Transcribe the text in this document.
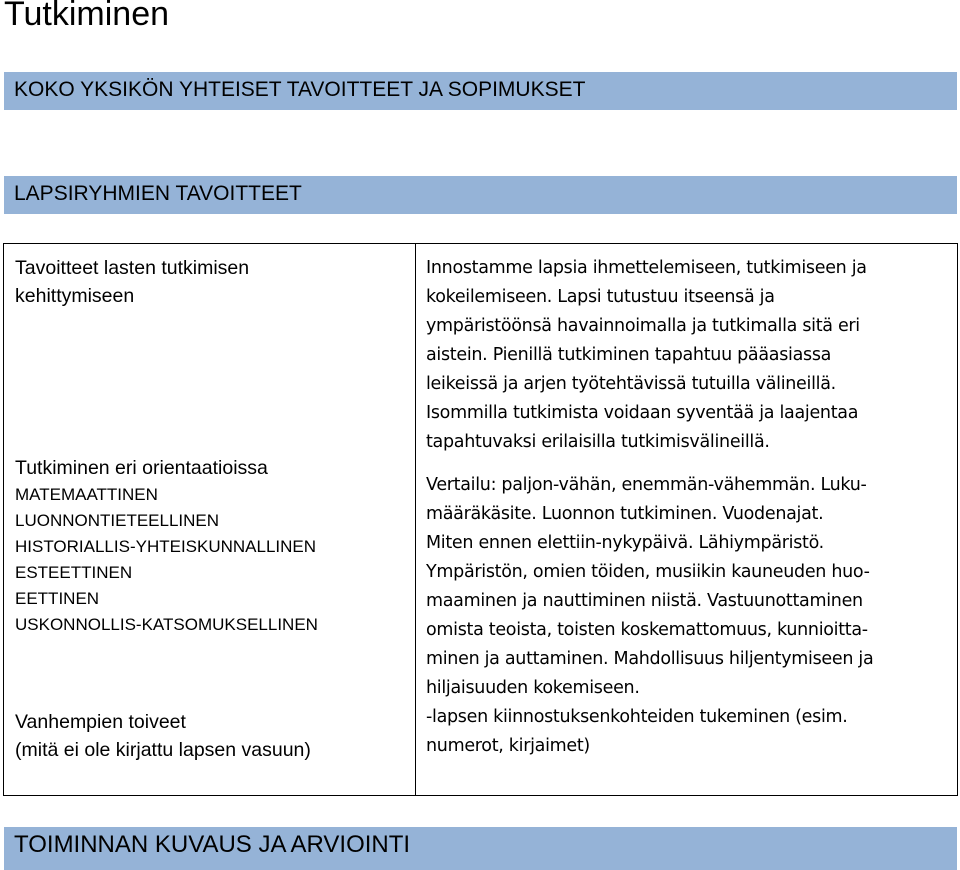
Tutkiminen
KOKO YKSIKÖN YHTEISET TAVOITTEET JA SOPIMUKSET
LAPSIRYHMIEN TAVOITTEET
Tavoitteet lasten tutkimisen
kehittymiseen
Tutkiminen eri orientaatioissa
MATEMAATTINEN
LUONNONTIETEELLINEN
HISTORIALLIS-YHTEISKUNNALLINEN
ESTEETTINEN
EETTINEN
USKONNOLLIS-KATSOMUKSELLINEN
Vanhempien toiveet
(mitä ei ole kirjattu lapsen vasuun)
Innostamme lapsia ihmettelemiseen, tutkimiseen ja
kokeilemiseen. Lapsi tutustuu itseensä ja
ympäristöönsä havainnoimalla ja tutkimalla sitä eri
aistein. Pienillä tutkiminen tapahtuu pääasiassa
leikeissä ja arjen työtehtävissä tutuilla välineillä.
Isommilla tutkimista voidaan syventää ja laajentaa
tapahtuvaksi erilaisilla tutkimisvälineillä.
Vertailu: paljon-vähän, enemmän-vähemmän. Luku-
määräkäsite. Luonnon tutkiminen. Vuodenajat.
Miten ennen elettiin-nykypäivä. Lähiympäristö.
Ympäristön, omien töiden, musiikin kauneuden huo-
maaminen ja nauttiminen niistä. Vastuunottaminen
omista teoista, toisten koskemattomuus, kunnioitta-
minen ja auttaminen. Mahdollisuus hiljentymiseen ja
hiljaisuuden kokemiseen.
-lapsen kiinnostuksenkohteiden tukeminen (esim.
numerot, kirjaimet)
TOIMINNAN KUVAUS JA ARVIOINTI
